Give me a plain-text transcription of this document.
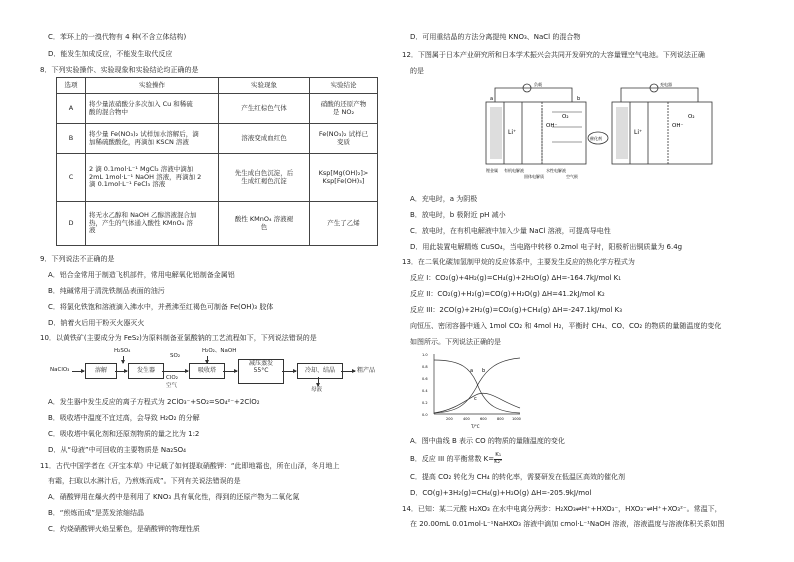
C．苯环上的一溴代物有 4 种(不含立体结构)
D．能发生加成反应，不能发生取代反应
8．下列实验操作、实验现象和实验结论均正确的是
选项	实验操作	实验现象	实验结论
A	将少量浓硝酸分多次加入 Cu 和稀硫
酸的混合物中	产生红棕色气体	硝酸的还原产物
是 NO₂
B	将少量 Fe(NO₃)₂ 试样加水溶解后，滴
加稀硫酸酸化，再滴加 KSCN 溶液	溶液变成血红色	Fe(NO₃)₂ 试样已
变质
C	2 滴 0.1mol·L⁻¹ MgCl₂ 溶液中滴加
2mL 1mol·L⁻¹ NaOH 溶液，再滴加 2
滴 0.1mol·L⁻¹ FeCl₃ 溶液	先生成白色沉淀，后
生成红褐色沉淀	Ksp[Mg(OH)₂]>
Ksp[Fe(OH)₃]
D	将无水乙醇和 NaOH 乙醇溶液混合加
热，产生的气体通入酸性 KMnO₄ 溶
液	酸性 KMnO₄ 溶液褪
色	产生了乙烯
9．下列说法不正确的是
A．铝合金常用于制造飞机部件，常用电解氧化铝制备金属铝
B．纯碱常用于清洗铁制品表面的油污
C．将氯化铁饱和溶液滴入沸水中，并煮沸至红褐色可制备 Fe(OH)₃ 胶体
D．钠着火后用干粉灭火器灭火
10．以黄铁矿(主要成分为 FeS₂)为原料制备亚氯酸钠的工艺流程如下，下列说法错误的是
NaClO₃	溶解
H₂SO₄
发生器
SO₂
ClO₂
空气
吸收塔
H₂O₂、NaOH
减压蒸发
55°C	冷却、结晶	粗产品
母液
A．发生器中发生反应的离子方程式为 2ClO₃⁻+SO₂=SO₄²⁻+2ClO₂
B．吸收塔中温度不宜过高，会导致 H₂O₂ 的分解
C．吸收塔中氧化剂和还原剂物质的量之比为 1:2
D．从“母液”中可回收的主要物质是 Na₂SO₄
11．古代中国学者在《开宝本草》中记载了如何提取硝酸钾：“此即地霜也，所在山泽，冬月地上
有霜，扫取以水淋汁后，乃煎炼而成”。下列有关说法错误的是
A．硝酸钾用在爆火药中是利用了 KNO₃ 具有氧化性，得到的还原产物为二氧化氮
B．“煎炼而成”是蒸发浓缩结晶
C．灼烧硝酸钾火焰呈紫色，是硝酸钾的物理性质
D．可用重结晶的方法分离提纯 KNO₃、NaCl 的混合物
12．下图属于日本产业研究所和日本学术振兴会共同开发研究的大容量锂空气电池。下列说法正确
的是
a	b
Li⁺	Li⁺
OH⁻	OH⁻
O₂	O₂
锂金属 有机电解液
固体电解质
水性电解液
空气极
催化剂
负载	充电器
A．充电时，a 为阴极
B．放电时，b 极附近 pH 减小
C．放电时，在有机电解液中加入少量 NaCl 溶液，可提高导电性
D．用此装置电解精炼 CuSO₄，当电路中转移 0.2mol 电子时，阳极析出铜质量为 6.4g
13．在二氧化碳加氢制甲烷的反应体系中，主要发生反应的热化学方程式为
反应 I：CO₂(g)+4H₂(g)=CH₄(g)+2H₂O(g) ΔH=-164.7kJ/mol K₁
反应 II：CO₂(g)+H₂(g)=CO(g)+H₂O(g) ΔH=41.2kJ/mol K₂
反应 III：2CO(g)+2H₂(g)=CO₂(g)+CH₄(g) ΔH=-247.1kJ/mol K₃
向恒压、密闭容器中通入 1mol CO₂ 和 4mol H₂，平衡时 CH₄、CO、CO₂ 的物质的量随温度的变化
如图所示。下列说法正确的是
a b
c
0.0
0.2
0.4
0.6
0.8
1.0
200	400	600	800 1000
T/°C
A．图中曲线 B 表示 CO 的物质的量随温度的变化
B．反应 III 的平衡常数 $K= \frac{\text{K₁}}{\text{K₂²}}$
C．提高 CO₂ 转化为 CH₄ 的转化率，需要研发在低温区高效的催化剂
D．CO(g)+3H₂(g)=CH₄(g)+H₂O(g) ΔH=-205.9kJ/mol
14．已知：某二元酸 H₂XO₃ 在水中电离分两步：H₂XO₃⇌H⁺+HXO₃⁻，HXO₃⁻⇌H⁺+XO₃²⁻。常温下，
在 20.00mL 0.01mol·L⁻¹NaHXO₃ 溶液中滴加 cmol·L⁻¹NaOH 溶液，溶液温度与溶液体积关系如图
